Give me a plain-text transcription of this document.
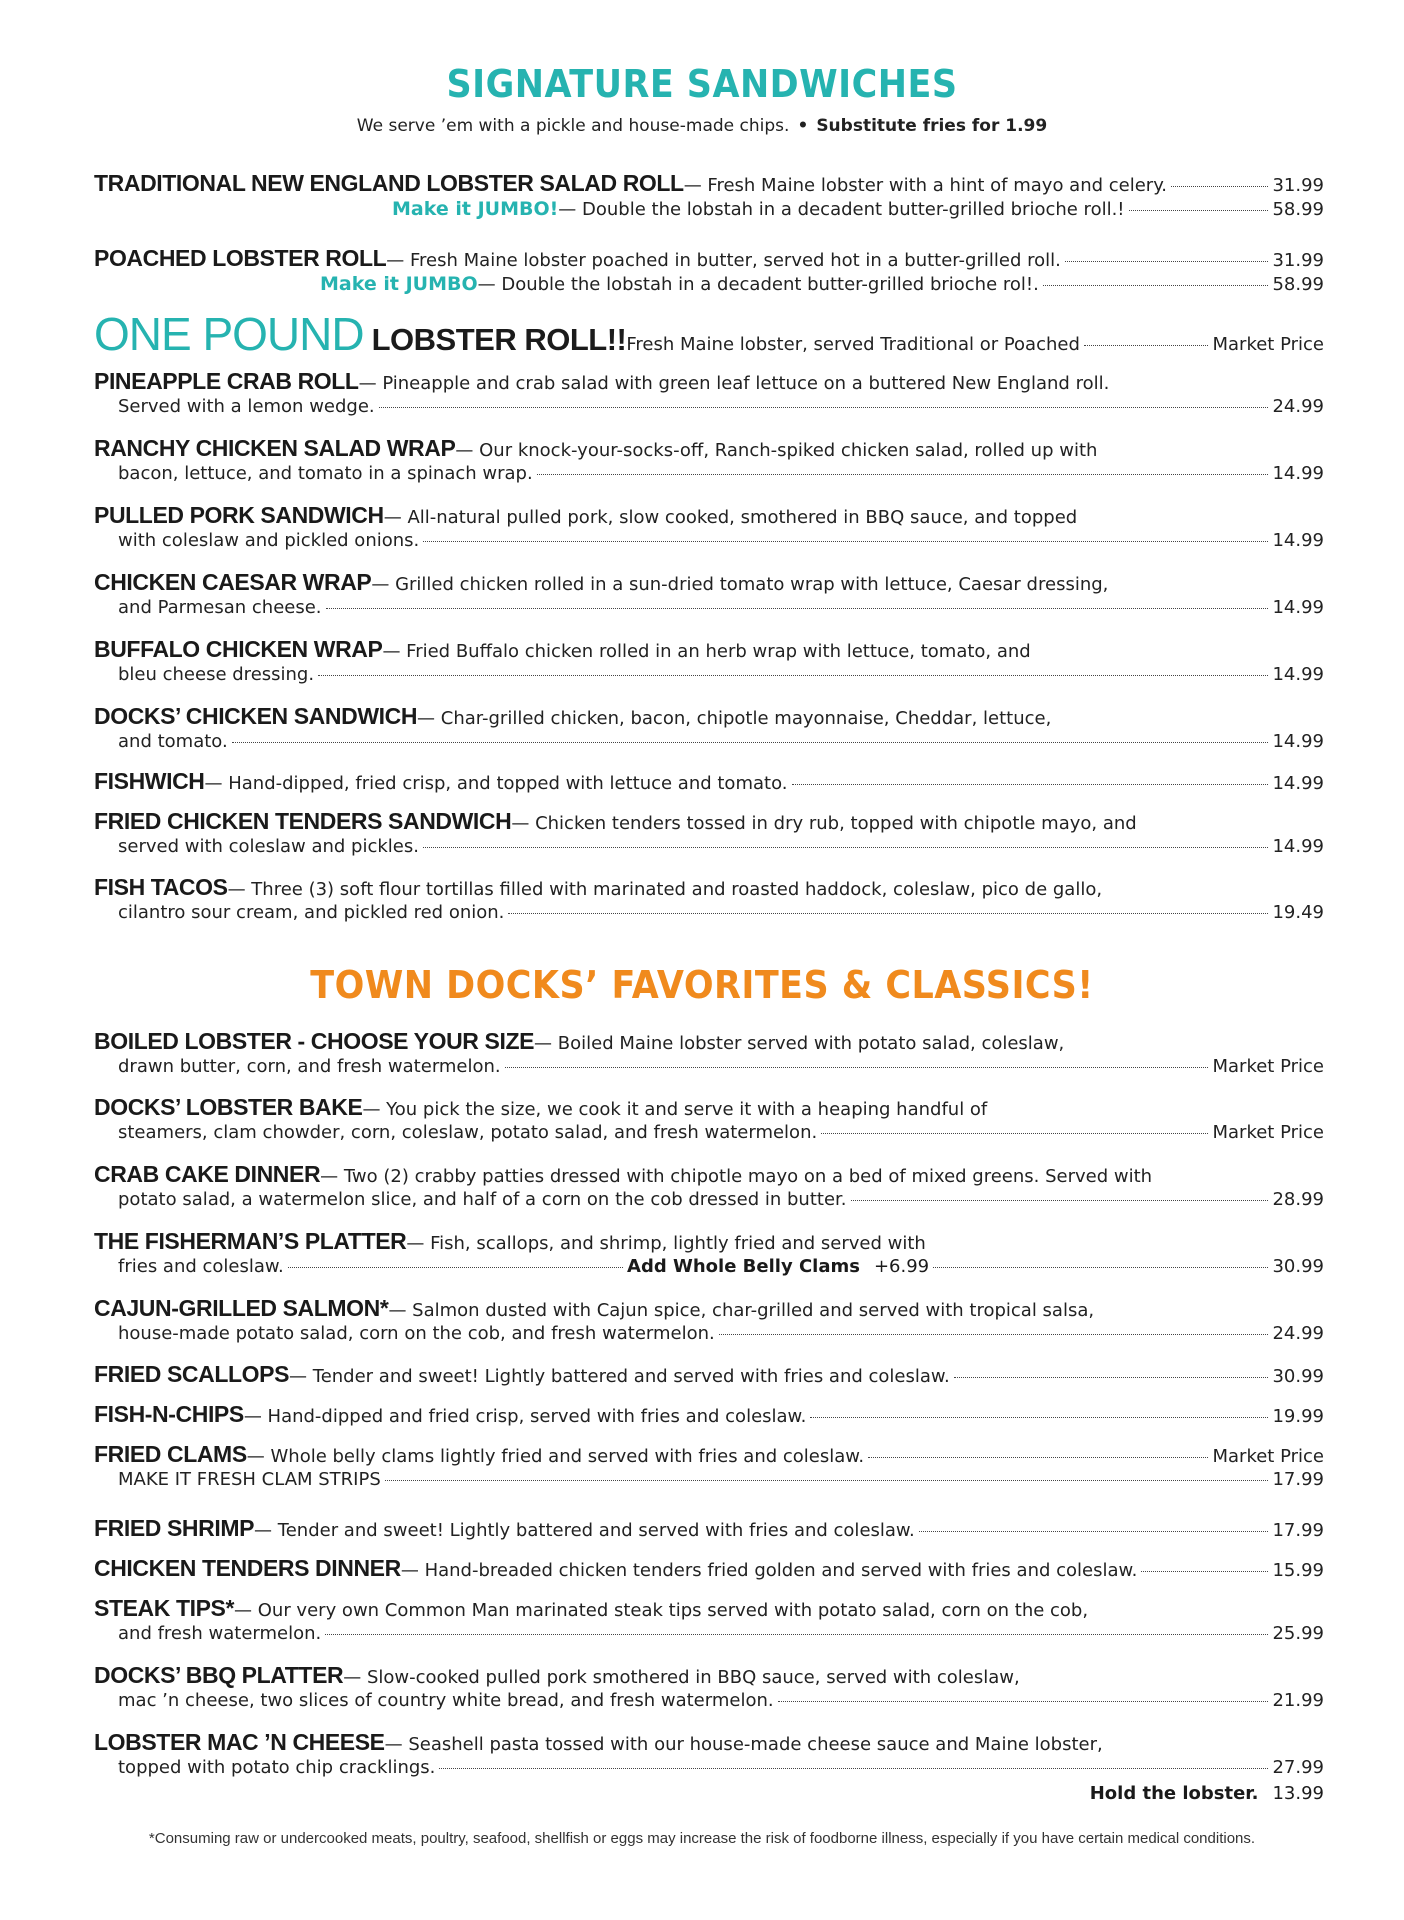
SIGNATURE SANDWICHES
We serve ’em with a pickle and house-made chips. • Substitute fries for 1.99
TRADITIONAL NEW ENGLAND LOBSTER SALAD ROLL — Fresh Maine lobster with a hint of mayo and celery.	31.99
Make it JUMBO! — Double the lobstah in a decadent butter-grilled brioche roll.!	58.99
POACHED LOBSTER ROLL — Fresh Maine lobster poached in butter, served hot in a butter-grilled roll.	31.99
Make it JUMBO — Double the lobstah in a decadent butter-grilled brioche rol!.	58.99
ONE POUND LOBSTER ROLL!! Fresh Maine lobster, served Traditional or Poached	Market Price
PINEAPPLE CRAB ROLL — Pineapple and crab salad with green leaf lettuce on a buttered New England roll.
Served with a lemon wedge.	24.99
RANCHY CHICKEN SALAD WRAP — Our knock-your-socks-off, Ranch-spiked chicken salad, rolled up with
bacon, lettuce, and tomato in a spinach wrap.	14.99
PULLED PORK SANDWICH — All-natural pulled pork, slow cooked, smothered in BBQ sauce, and topped
with coleslaw and pickled onions.	14.99
CHICKEN CAESAR WRAP — Grilled chicken rolled in a sun-dried tomato wrap with lettuce, Caesar dressing,
and Parmesan cheese.	14.99
BUFFALO CHICKEN WRAP — Fried Buffalo chicken rolled in an herb wrap with lettuce, tomato, and
bleu cheese dressing.	14.99
DOCKS’ CHICKEN SANDWICH — Char-grilled chicken, bacon, chipotle mayonnaise, Cheddar, lettuce,
and tomato.	14.99
FISHWICH — Hand-dipped, fried crisp, and topped with lettuce and tomato.	14.99
FRIED CHICKEN TENDERS SANDWICH — Chicken tenders tossed in dry rub, topped with chipotle mayo, and
served with coleslaw and pickles.	14.99
FISH TACOS — Three (3) soft flour tortillas filled with marinated and roasted haddock, coleslaw, pico de gallo,
cilantro sour cream, and pickled red onion.	19.49
TOWN DOCKS’ FAVORITES & CLASSICS!
BOILED LOBSTER - CHOOSE YOUR SIZE — Boiled Maine lobster served with potato salad, coleslaw,
drawn butter, corn, and fresh watermelon.	Market Price
DOCKS’ LOBSTER BAKE — You pick the size, we cook it and serve it with a heaping handful of
steamers, clam chowder, corn, coleslaw, potato salad, and fresh watermelon.	Market Price
CRAB CAKE DINNER — Two (2) crabby patties dressed with chipotle mayo on a bed of mixed greens. Served with
potato salad, a watermelon slice, and half of a corn on the cob dressed in butter.	28.99
THE FISHERMAN’S PLATTER — Fish, scallops, and shrimp, lightly fried and served with
fries and coleslaw.	Add Whole Belly Clams +6.99	30.99
CAJUN-GRILLED SALMON* — Salmon dusted with Cajun spice, char-grilled and served with tropical salsa,
house-made potato salad, corn on the cob, and fresh watermelon.	24.99
FRIED SCALLOPS — Tender and sweet! Lightly battered and served with fries and coleslaw.	30.99
FISH-N-CHIPS — Hand-dipped and fried crisp, served with fries and coleslaw.	19.99
FRIED CLAMS — Whole belly clams lightly fried and served with fries and coleslaw.	Market Price
MAKE IT FRESH CLAM STRIPS	17.99
FRIED SHRIMP — Tender and sweet! Lightly battered and served with fries and coleslaw.	17.99
CHICKEN TENDERS DINNER — Hand-breaded chicken tenders fried golden and served with fries and coleslaw.	15.99
STEAK TIPS* — Our very own Common Man marinated steak tips served with potato salad, corn on the cob,
and fresh watermelon.	25.99
DOCKS’ BBQ PLATTER — Slow-cooked pulled pork smothered in BBQ sauce, served with coleslaw,
mac ’n cheese, two slices of country white bread, and fresh watermelon.	21.99
LOBSTER MAC ’N CHEESE — Seashell pasta tossed with our house-made cheese sauce and Maine lobster,
topped with potato chip cracklings.	27.99
Hold the lobster. 13.99
*Consuming raw or undercooked meats, poultry, seafood, shellfish or eggs may increase the risk of foodborne illness, especially if you have certain medical conditions.
